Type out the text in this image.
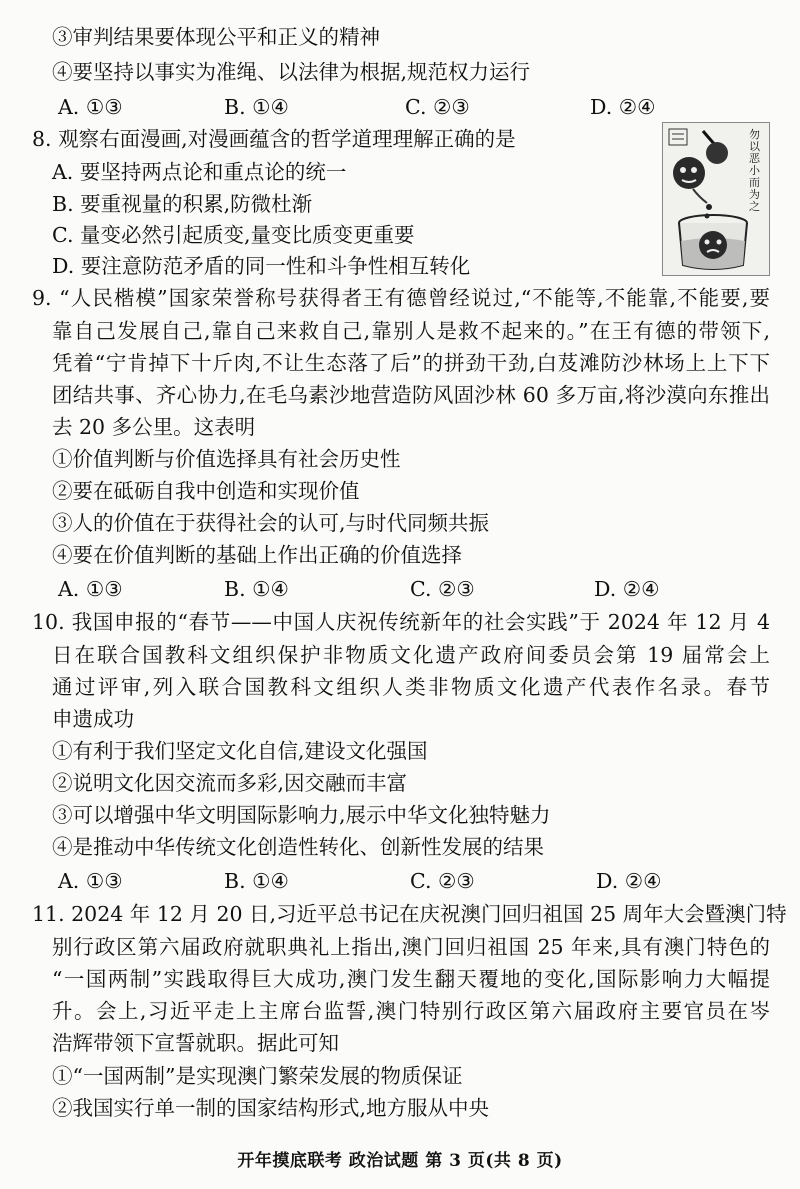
③审判结果要体现公平和正义的精神
④要坚持以事实为准绳、以法律为根据,规范权力运行
A. ①③	B. ①④	C. ②③	D. ②④
8. 观察右面漫画,对漫画蕴含的哲学道理理解正确的是
A. 要坚持两点论和重点论的统一
B. 要重视量的积累,防微杜渐
C. 量变必然引起质变,量变比质变更重要
D. 要注意防范矛盾的同一性和斗争性相互转化
勿以恶小而为之
9. “人民楷模”国家荣誉称号获得者王有德曾经说过,“不能等,不能靠,不能要,要
靠自己发展自己,靠自己来救自己,靠别人是救不起来的。”在王有德的带领下,
凭着“宁肯掉下十斤肉,不让生态落了后”的拼劲干劲,白芨滩防沙林场上上下下
团结共事、齐心协力,在毛乌素沙地营造防风固沙林 60 多万亩,将沙漠向东推出
去 20 多公里。这表明
①价值判断与价值选择具有社会历史性
②要在砥砺自我中创造和实现价值
③人的价值在于获得社会的认可,与时代同频共振
④要在价值判断的基础上作出正确的价值选择
A. ①③	B. ①④	C. ②③	D. ②④
10. 我国申报的“春节——中国人庆祝传统新年的社会实践”于 2024 年 12 月 4
日在联合国教科文组织保护非物质文化遗产政府间委员会第 19 届常会上
通过评审,列入联合国教科文组织人类非物质文化遗产代表作名录。春节
申遗成功
①有利于我们坚定文化自信,建设文化强国
②说明文化因交流而多彩,因交融而丰富
③可以增强中华文明国际影响力,展示中华文化独特魅力
④是推动中华传统文化创造性转化、创新性发展的结果
A. ①③	B. ①④	C. ②③	D. ②④
11. 2024 年 12 月 20 日,习近平总书记在庆祝澳门回归祖国 25 周年大会暨澳门特
别行政区第六届政府就职典礼上指出,澳门回归祖国 25 年来,具有澳门特色的
“一国两制”实践取得巨大成功,澳门发生翻天覆地的变化,国际影响力大幅提
升。会上,习近平走上主席台监誓,澳门特别行政区第六届政府主要官员在岑
浩辉带领下宣誓就职。据此可知
①“一国两制”是实现澳门繁荣发展的物质保证
②我国实行单一制的国家结构形式,地方服从中央
开年摸底联考 政治试题 第 3 页(共 8 页)
